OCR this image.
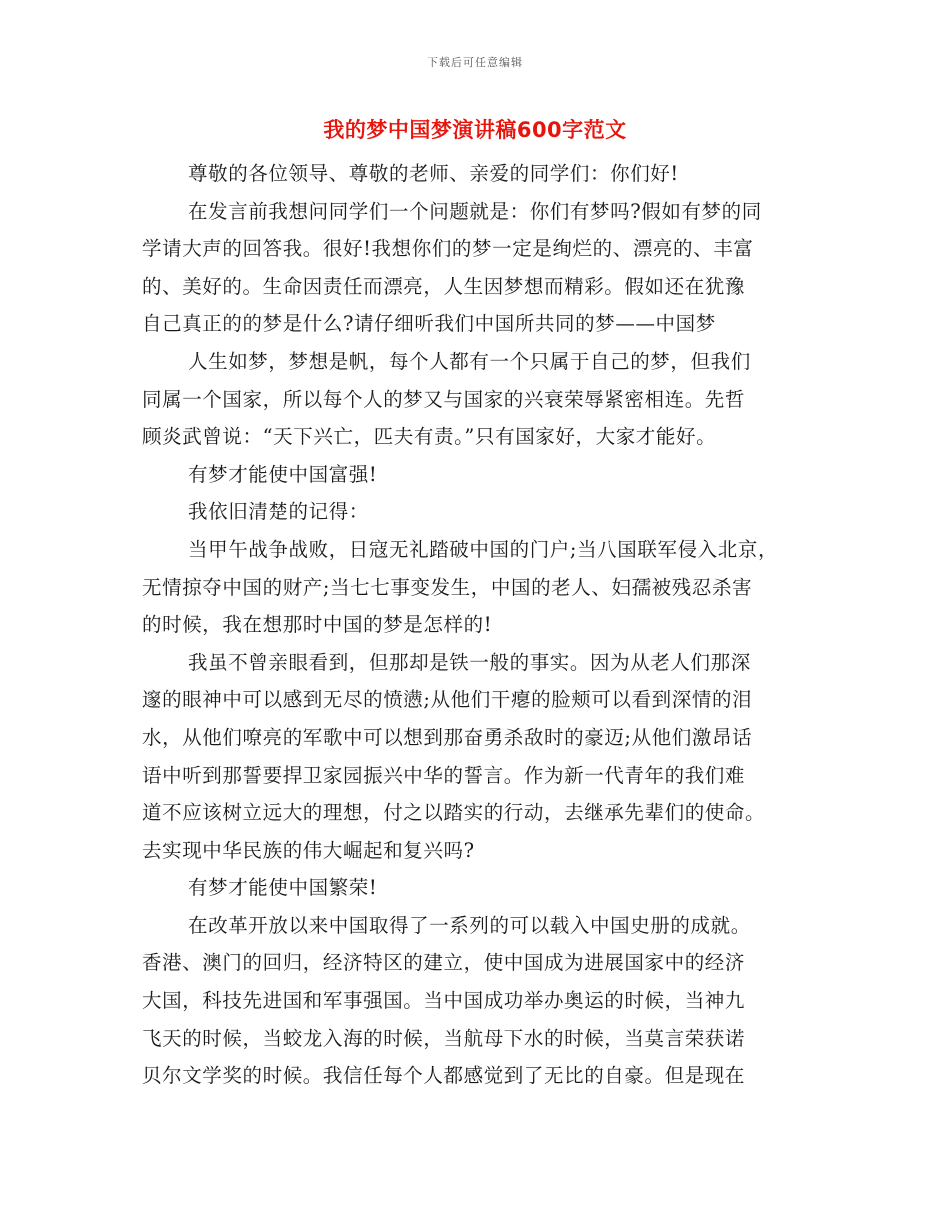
下载后可任意编辑
我的梦中国梦演讲稿600字范文
尊敬的各位领导、尊敬的老师、亲爱的同学们：你们好!
在发言前我想问同学们一个问题就是：你们有梦吗?假如有梦的同
学请大声的回答我。很好!我想你们的梦一定是绚烂的、漂亮的、丰富
的、美好的。生命因责任而漂亮，人生因梦想而精彩。假如还在犹豫
自己真正的的梦是什么?请仔细听我们中国所共同的梦——中国梦
人生如梦，梦想是帆，每个人都有一个只属于自己的梦，但我们
同属一个国家，所以每个人的梦又与国家的兴衰荣辱紧密相连。先哲
顾炎武曾说：“天下兴亡，匹夫有责。”只有国家好，大家才能好。
有梦才能使中国富强!
我依旧清楚的记得：
当甲午战争战败，日寇无礼踏破中国的门户;当八国联军侵入北京，
无情掠夺中国的财产;当七七事变发生，中国的老人、妇孺被残忍杀害
的时候，我在想那时中国的梦是怎样的!
我虽不曾亲眼看到，但那却是铁一般的事实。因为从老人们那深
邃的眼神中可以感到无尽的愤懑;从他们干瘪的脸颊可以看到深情的泪
水，从他们嘹亮的军歌中可以想到那奋勇杀敌时的豪迈;从他们激昂话
语中听到那誓要捍卫家园振兴中华的誓言。作为新一代青年的我们难
道不应该树立远大的理想，付之以踏实的行动，去继承先辈们的使命。
去实现中华民族的伟大崛起和复兴吗?
有梦才能使中国繁荣!
在改革开放以来中国取得了一系列的可以载入中国史册的成就。
香港、澳门的回归，经济特区的建立，使中国成为进展国家中的经济
大国，科技先进国和军事强国。当中国成功举办奥运的时候，当神九
飞天的时候，当蛟龙入海的时候，当航母下水的时候，当莫言荣获诺
贝尔文学奖的时候。我信任每个人都感觉到了无比的自豪。但是现在
